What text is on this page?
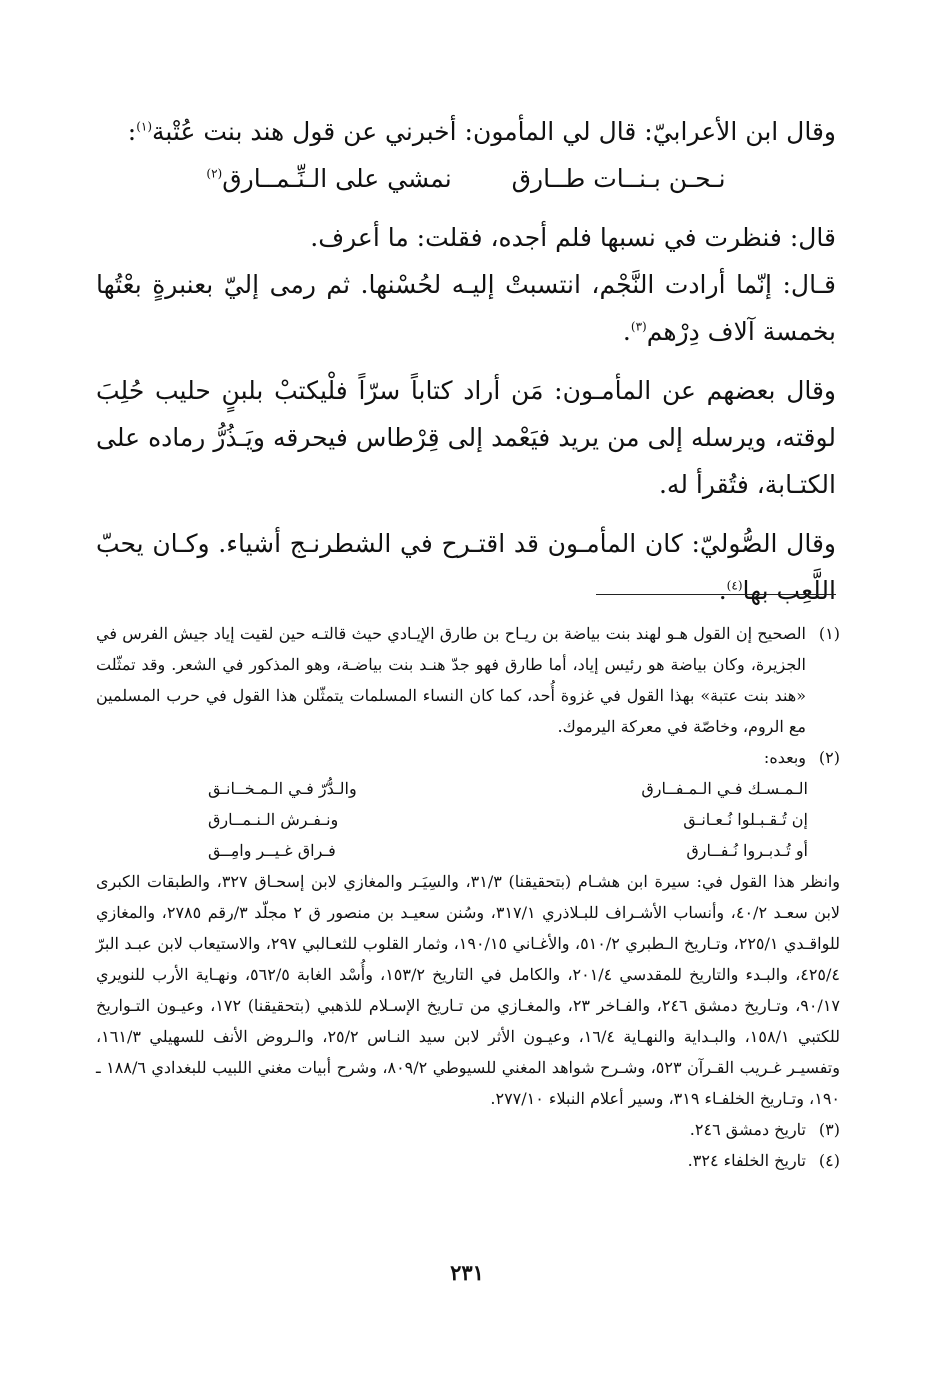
وقال ابن الأعرابيّ: قال لي المأمون: أخبرني عن قول هند بنت عُتْبة$^{(١)}$:

نـحـن بـنــات طــارق
نمشي على الـنِّـمــارق$^{(٢)}$

قال: فنظرت في نسبها فلم أجده، فقلت: ما أعرف.

قـال: إنّما أرادت النَّجْم، انتسبتْ إليـه لحُسْنها. ثم رمى إليّ بعنبرةٍ بعْتُها بخمسة آلاف دِرْهم$^{(٣)}$.

وقال بعضهم عن المأمـون: مَن أراد كتاباً سرّاً فلْيكتبْ بلبنٍ حليب حُلِبَ لوقته، ويرسله إلى من يريد فيَعْمد إلى قِرْطاس فيحرقه ويَـذُرُّ رماده على الكتـابة، فتُقرأ له.

وقال الصُّوليّ: كان المأمـون قد اقتـرح في الشطرنـج أشياء. وكـان يحبّ اللَّعِب بها$^{(٤)}$.

(١)

الصحيح إن القول هـو لهند بنت بياضة بن ريـاح بن طارق الإيـادي حيث قالتـه حين لقيت إياد جيش الفرس في الجزيرة، وكان بياضة هو رئيس إياد، أما طارق فهو جدّ هنـد بنت بياضـة، وهو المذكور في الشعر. وقد تمثّلت «هند بنت عتبة» بهذا القول في غزوة أُحد، كما كان النساء المسلمات يتمثّلن هذا القول في حرب المسلمين مع الروم، وخاصّة في معركة اليرموك.

(٢)

وبعده:

الـمـسـك فـي الـمـفــارق
والـدُّرّ فـي الـمـخــانـق
إن تُـقـبـلوا نُـعـانـق
ونـفـرش الـنـمــارق
أو تُـدبـروا نُـفــارق
فـراق غـيــر وامِــق

وانظر هذا القول في: سيرة ابن هشـام (بتحقيقنا) ٣١/٣، والسِيَـر والمغازي لابن إسحـاق ٣٢٧، والطبقات الكبرى لابن سعـد ٤٠/٢، وأنساب الأشـراف للبـلاذري ٣١٧/١، وسُنن سعيـد بن منصور ق ٢ مجلّد ٣/رقم ٢٧٨٥، والمغازي للواقـدي ٢٢٥/١، وتـاريخ الـطبري ٥١٠/٢، والأغـاني ١٩٠/١٥، وثمار القلوب للثعـالبي ٢٩٧، والاستيعاب لابن عبـد البرّ ٤٢٥/٤، والبـدء والتاريخ للمقدسي ٢٠١/٤، والكامل في التاريخ ١٥٣/٢، وأُسْد الغابة ٥٦٢/٥، ونهـاية الأرب للنويري ٩٠/١٧، وتـاريخ دمشق ٢٤٦، والفـاخر ٢٣، والمغـازي من تـاريخ الإسـلام للذهبي (بتحقيقنا) ١٧٢، وعيـون التـواريخ للكتبي ١٥٨/١، والبـداية والنهـاية ١٦/٤، وعيـون الأثر لابن سيد النـاس ٢٥/٢، والـروض الأنف للسهيلي ١٦١/٣، وتفسيـر غـريب القـرآن ٥٢٣، وشـرح شواهد المغني للسيوطي ٨٠٩/٢، وشرح أبيات مغني اللبيب للبغدادي ١٨٨/٦ ـ ١٩٠، وتـاريخ الخلفـاء ٣١٩، وسير أعلام النبلاء ٢٧٧/١٠.

(٣)

تاريخ دمشق ٢٤٦.

(٤)

تاريخ الخلفاء ٣٢٤.

٢٣١
